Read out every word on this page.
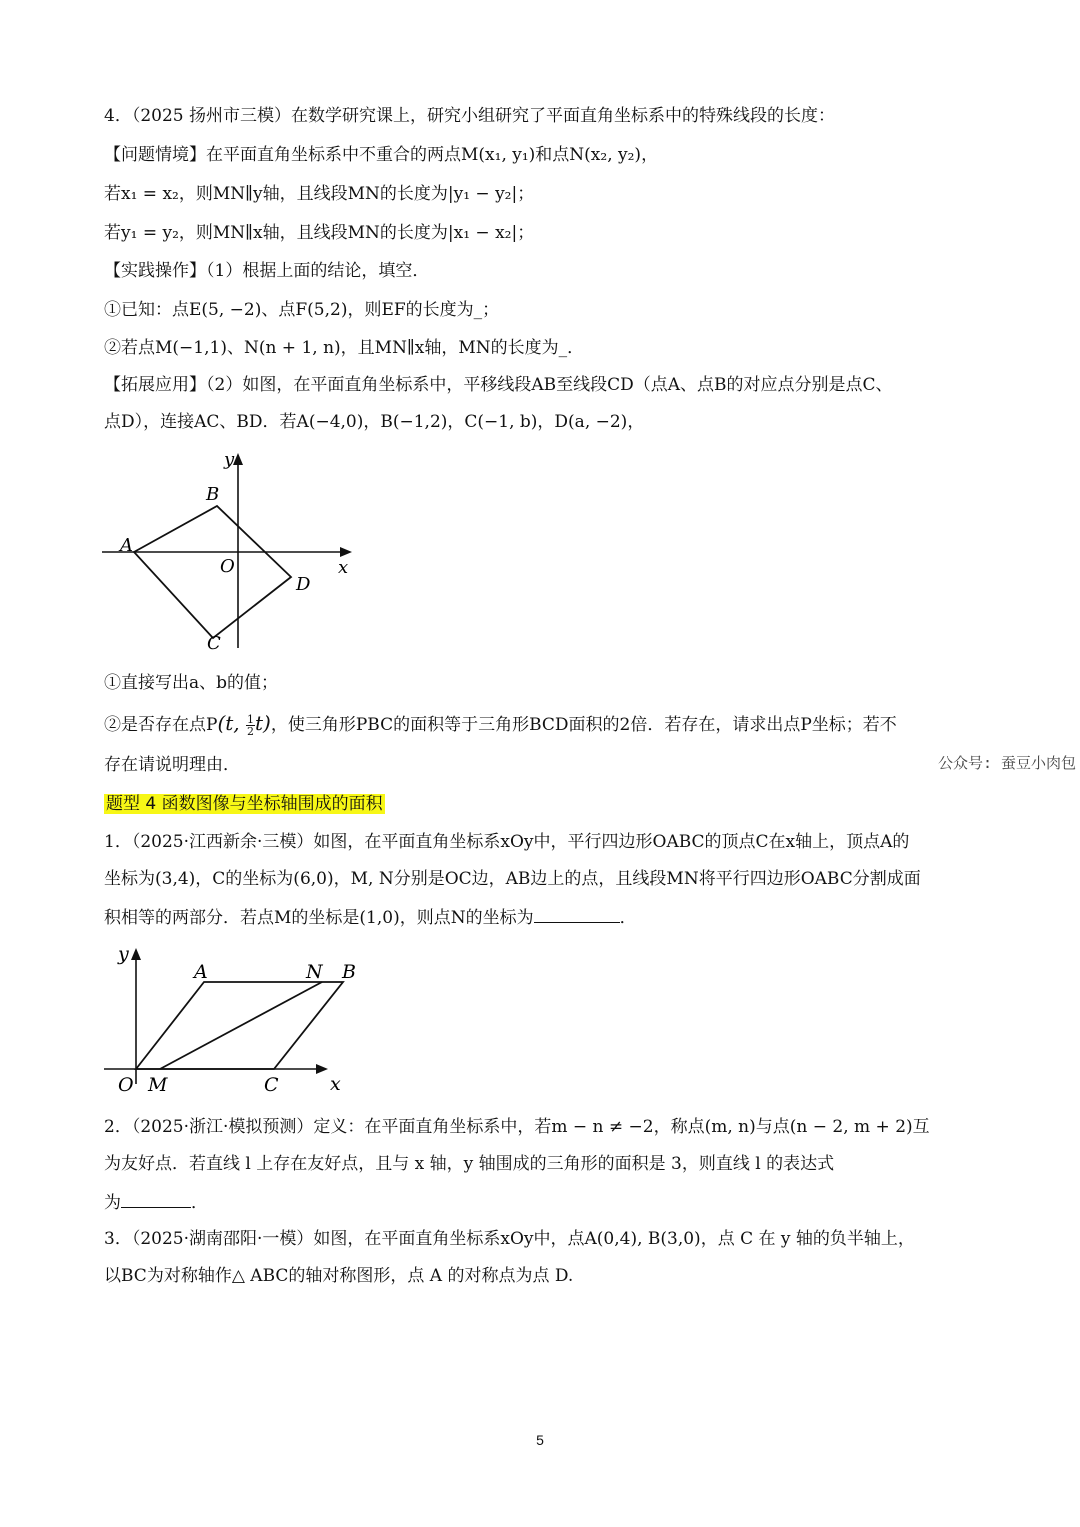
4．（2025 扬州市三模）在数学研究课上，研究小组研究了平面直角坐标系中的特殊线段的长度：
【问题情境】在平面直角坐标系中不重合的两点M(x₁, y₁)和点N(x₂, y₂)，
若x₁ = x₂，则MN∥y轴，且线段MN的长度为|y₁ − y₂|；
若y₁ = y₂，则MN∥x轴，且线段MN的长度为|x₁ − x₂|；
【实践操作】（1）根据上面的结论，填空．
①已知：点E(5, −2)、点F(5,2)，则EF的长度为_；
②若点M(−1,1)、N(n + 1, n)，且MN∥x轴，MN的长度为_．
【拓展应用】（2）如图，在平面直角坐标系中，平移线段AB至线段CD（点A、点B的对应点分别是点C、
点D），连接AC、BD．若A(−4,0)，B(−1,2)，C(−1, b)，D(a, −2)，
y
x
O
A
B
C
D
①直接写出a、b的值；
②是否存在点P(t, $\frac{1}{2} t$)，使三角形PBC的面积等于三角形BCD面积的2倍．若存在，请求出点P坐标；若不
存在请说明理由．	公众号: 蚕豆小肉包
题型 4 函数图像与坐标轴围成的面积
1．（2025·江西新余·三模）如图，在平面直角坐标系xOy中，平行四边形OABC的顶点C在x轴上，顶点A的
坐标为(3,4)，C的坐标为(6,0)，M, N分别是OC边，AB边上的点，且线段MN将平行四边形OABC分割成面
积相等的两部分．若点M的坐标是(1,0)，则点N的坐标为	．
y
x
O M	C
A	N B
2．（2025·浙江·模拟预测）定义：在平面直角坐标系中，若m − n ≠ −2，称点(m, n)与点(n − 2, m + 2)互
为友好点．若直线 l 上存在友好点，且与 x 轴，y 轴围成的三角形的面积是 3，则直线 l 的表达式
为	．
3．（2025·湖南邵阳·一模）如图，在平面直角坐标系xOy中，点A(0,4), B(3,0)，点 C 在 y 轴的负半轴上，
以BC为对称轴作△ ABC的轴对称图形，点 A 的对称点为点 D.
5
